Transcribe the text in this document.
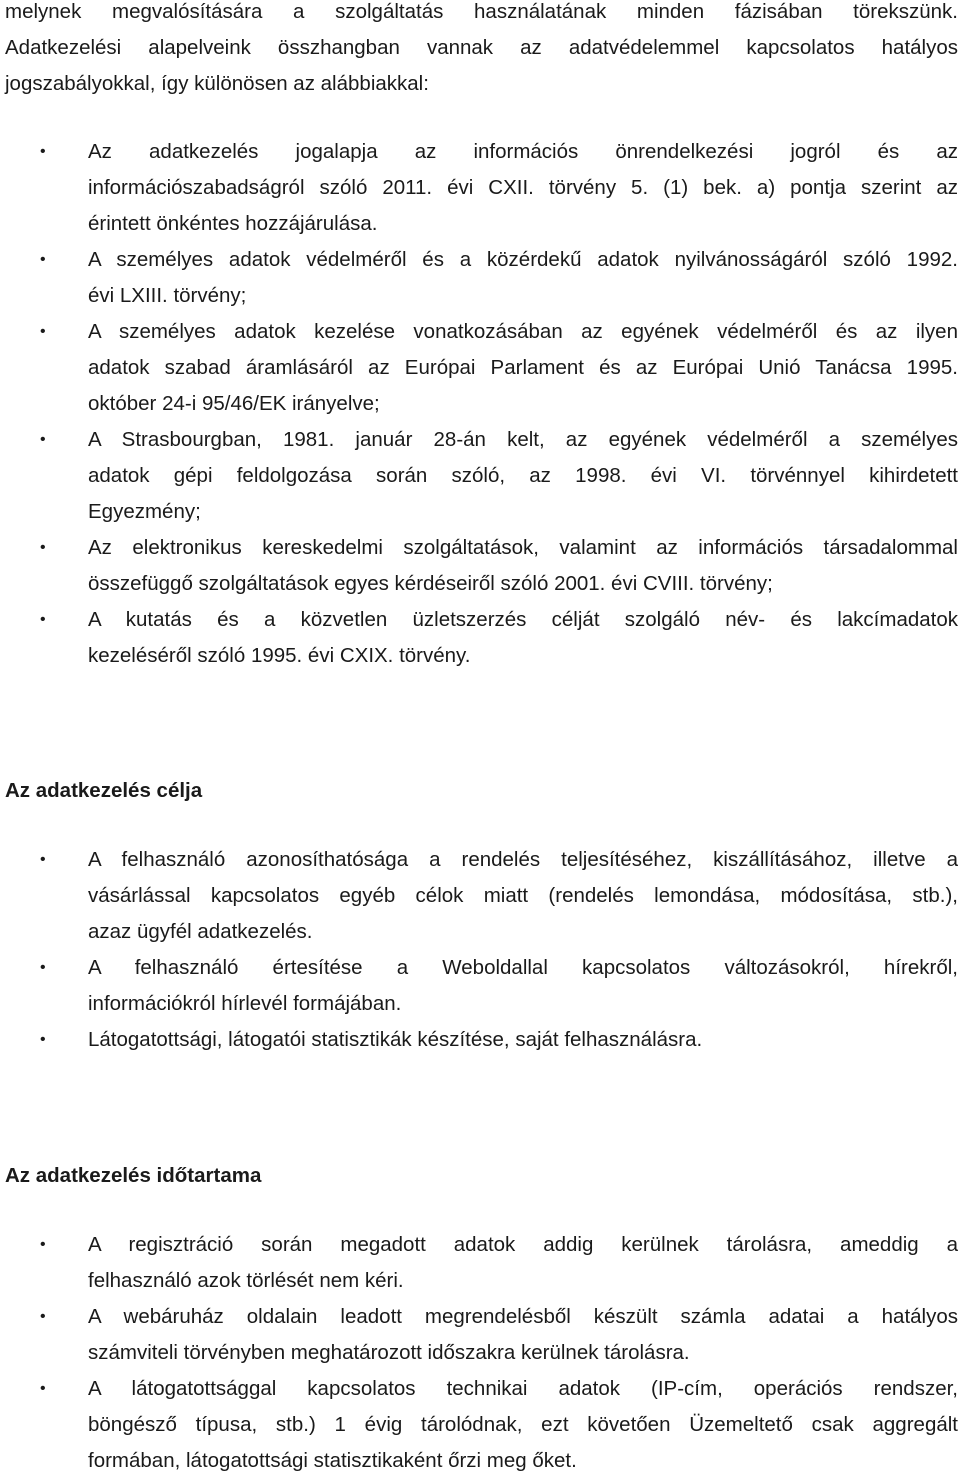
melynek megvalósítására a szolgáltatás használatának minden fázisában törekszünk.
Adatkezelési alapelveink összhangban vannak az adatvédelemmel kapcsolatos hatályos
jogszabályokkal, így különösen az alábbiakkal:

• Az adatkezelés jogalapja az információs önrendelkezési jogról és az
információszabadságról szóló 2011. évi CXII. törvény 5. (1) bek. a) pontja szerint az
érintett önkéntes hozzájárulása.
• A személyes adatok védelméről és a közérdekű adatok nyilvánosságáról szóló 1992.
évi LXIII. törvény;
• A személyes adatok kezelése vonatkozásában az egyének védelméről és az ilyen
adatok szabad áramlásáról az Európai Parlament és az Európai Unió Tanácsa 1995.
október 24-i 95/46/EK irányelve;
• A Strasbourgban, 1981. január 28-án kelt, az egyének védelméről a személyes
adatok gépi feldolgozása során szóló, az 1998. évi VI. törvénnyel kihirdetett
Egyezmény;
• Az elektronikus kereskedelmi szolgáltatások, valamint az információs társadalommal
összefüggő szolgáltatások egyes kérdéseiről szóló 2001. évi CVIII. törvény;
• A kutatás és a közvetlen üzletszerzés célját szolgáló név- és lakcímadatok
kezeléséről szóló 1995. évi CXIX. törvény.
Az adatkezelés célja
• A felhasználó azonosíthatósága a rendelés teljesítéséhez, kiszállításához, illetve a
vásárlással kapcsolatos egyéb célok miatt (rendelés lemondása, módosítása, stb.),
azaz ügyfél adatkezelés.
• A felhasználó értesítése a Weboldallal kapcsolatos változásokról, hírekről,
információkról hírlevél formájában.
• Látogatottsági, látogatói statisztikák készítése, saját felhasználásra.
Az adatkezelés időtartama
• A regisztráció során megadott adatok addig kerülnek tárolásra, ameddig a
felhasználó azok törlését nem kéri.
• A webáruház oldalain leadott megrendelésből készült számla adatai a hatályos
számviteli törvényben meghatározott időszakra kerülnek tárolásra.
• A látogatottsággal kapcsolatos technikai adatok (IP-cím, operációs rendszer,
böngésző típusa, stb.) 1 évig tárolódnak, ezt követően Üzemeltető csak aggregált
formában, látogatottsági statisztikaként őrzi meg őket.
